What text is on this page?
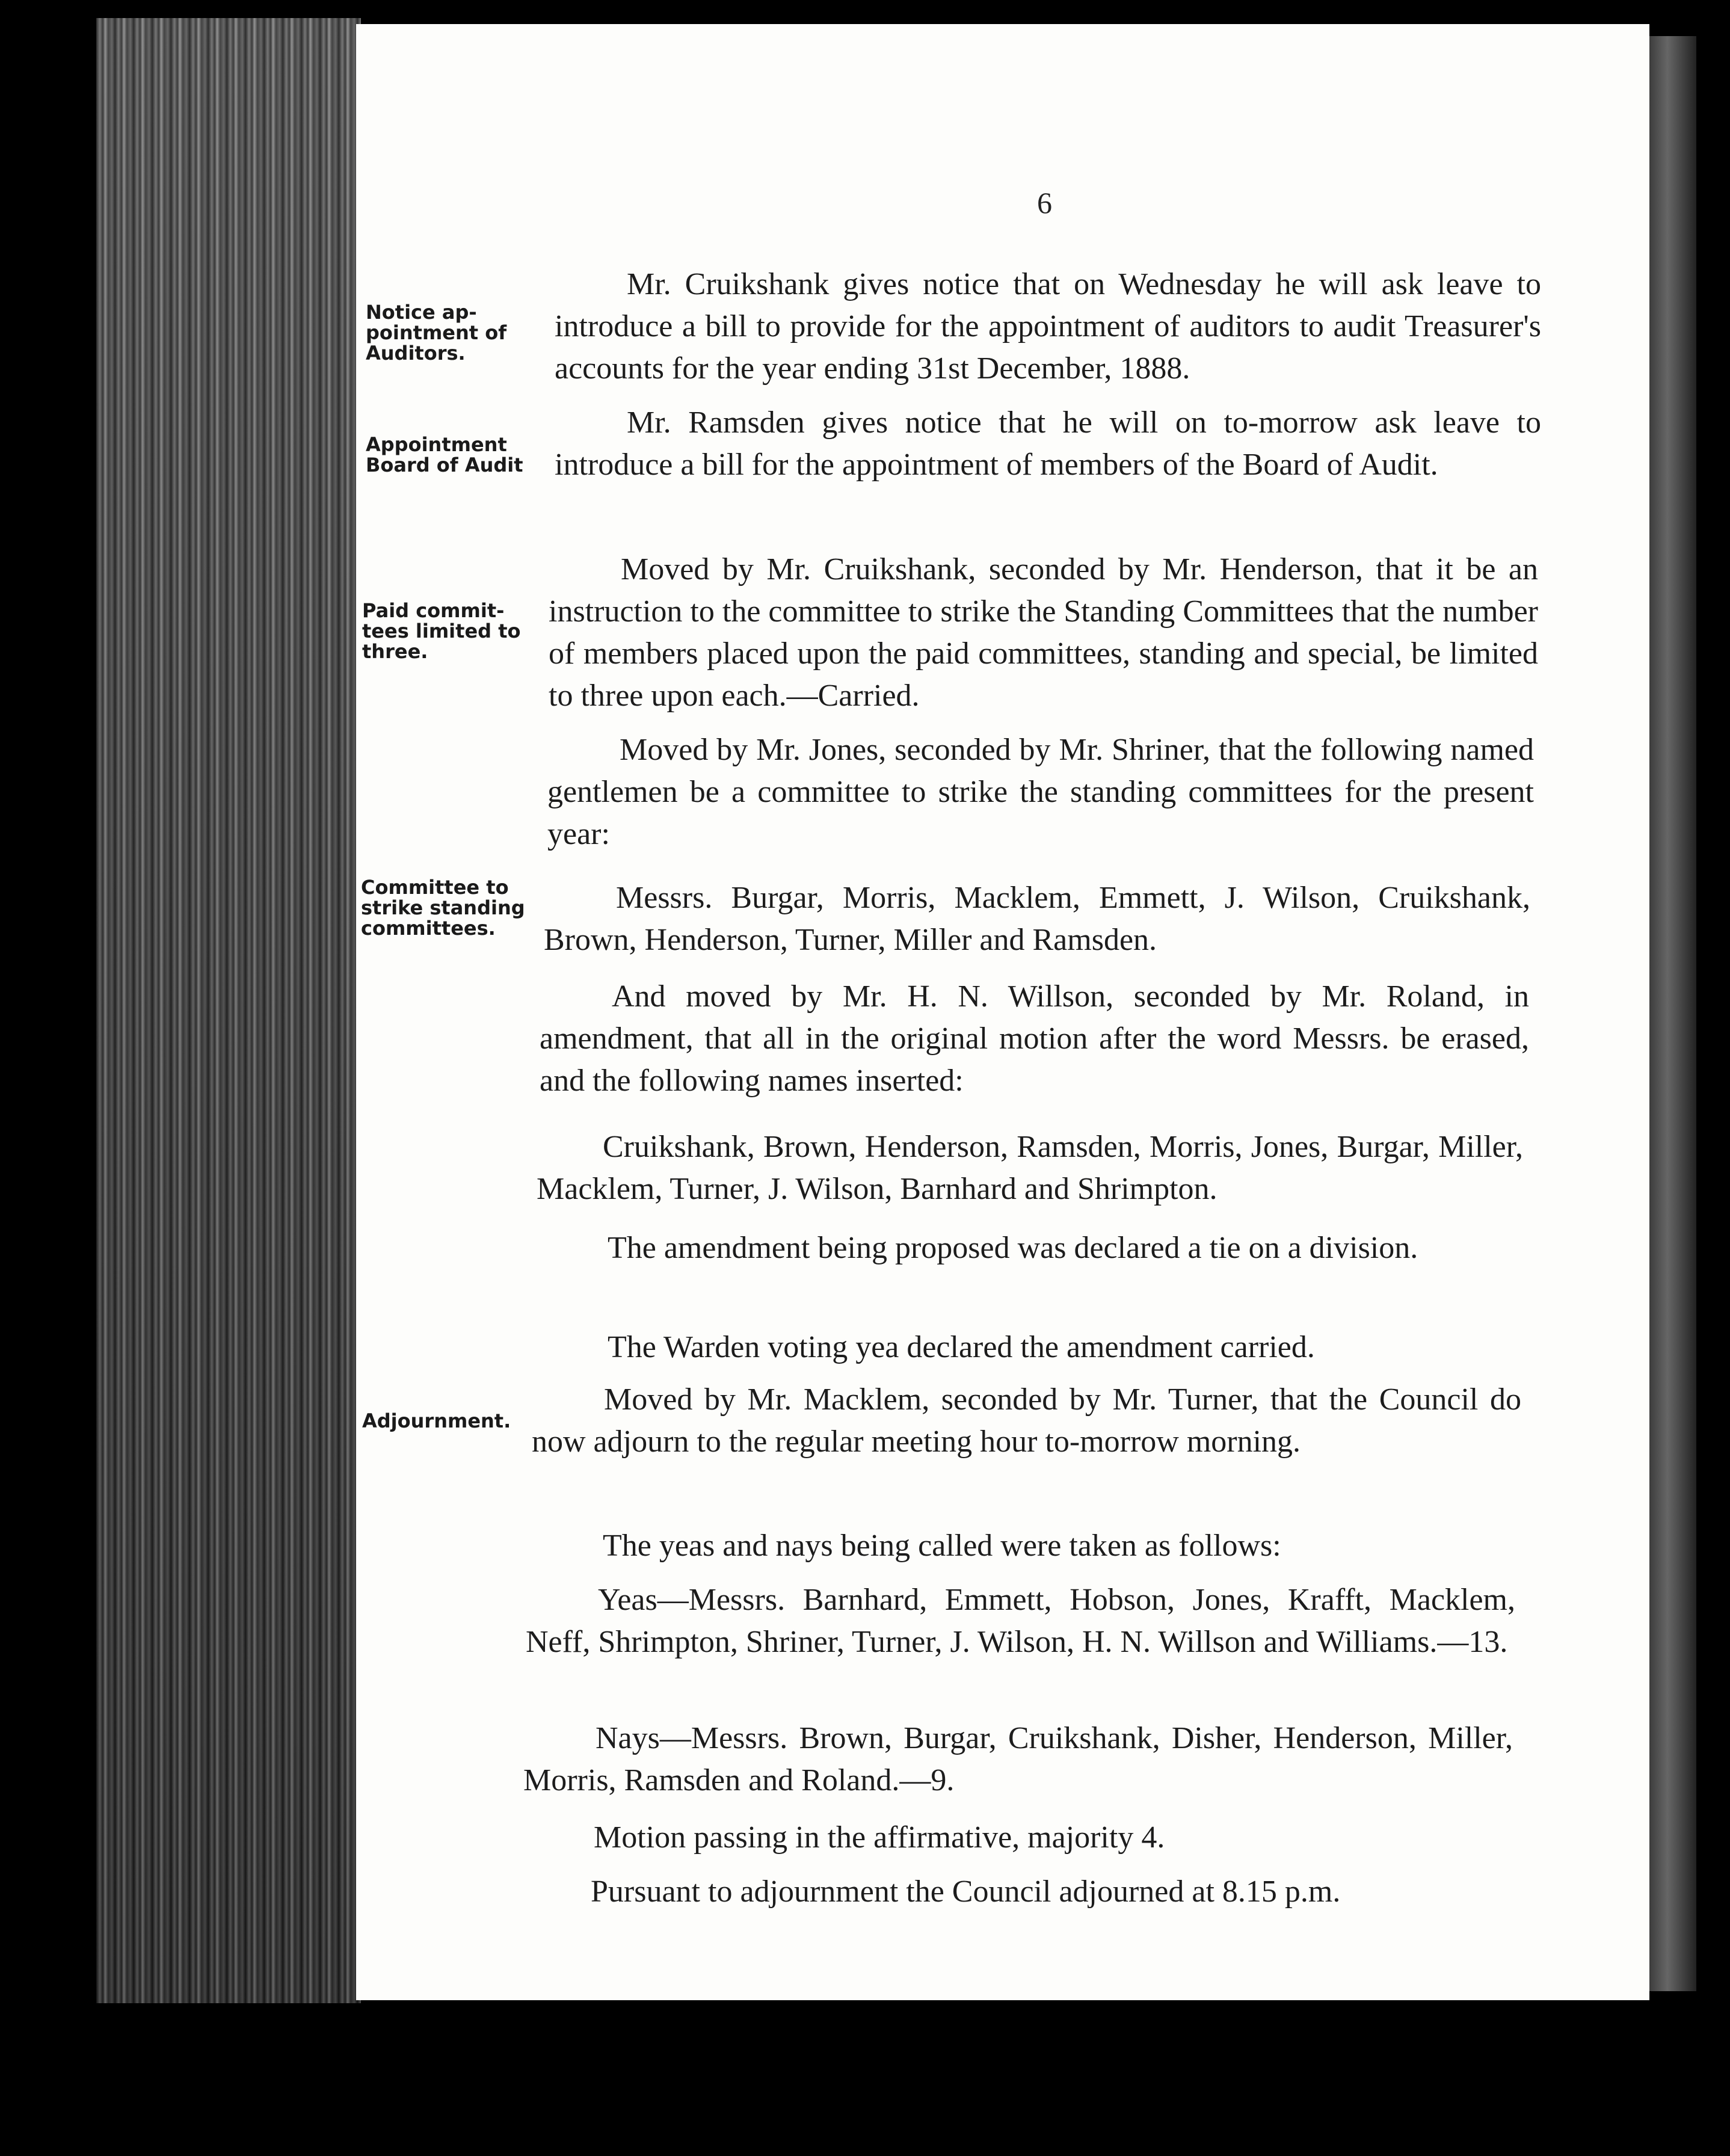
6
Notice ap-
pointment of
Auditors.
Appointment
Board of Audit
Paid commit-
tees limited to
three.
Committee to
strike standing
committees.
Adjournment.
Mr. Cruikshank gives notice that on Wednesday he will ask leave to introduce a bill to provide for the appointment of auditors to audit Treasurer's accounts for the year ending 31st December, 1888.
Mr. Ramsden gives notice that he will on to-morrow ask leave to introduce a bill for the appointment of members of the Board of Audit.
Moved by Mr. Cruikshank, seconded by Mr. Henderson, that it be an instruction to the committee to strike the Standing Committees that the number of members placed upon the paid committees, standing and special, be limited to three upon each.—Carried.
Moved by Mr. Jones, seconded by Mr. Shriner, that the following named gentlemen be a committee to strike the standing committees for the present year:
Messrs. Burgar, Morris, Macklem, Emmett, J. Wilson, Cruikshank, Brown, Henderson, Turner, Miller and Ramsden.
And moved by Mr. H. N. Willson, seconded by Mr. Roland, in amendment, that all in the original motion after the word Messrs. be erased, and the following names inserted:
Cruikshank, Brown, Henderson, Ramsden, Morris, Jones, Burgar, Miller, Macklem, Turner, J. Wilson, Barnhard and Shrimpton.
The amendment being proposed was declared a tie on a division.
The Warden voting yea declared the amendment carried.
Moved by Mr. Macklem, seconded by Mr. Turner, that the Council do now adjourn to the regular meeting hour to-morrow morning.
The yeas and nays being called were taken as follows:
Yeas—Messrs. Barnhard, Emmett, Hobson, Jones, Krafft, Macklem, Neff, Shrimpton, Shriner, Turner, J. Wilson, H. N. Willson and Williams.—13.
Nays—Messrs. Brown, Burgar, Cruikshank, Disher, Henderson, Miller, Morris, Ramsden and Roland.—9.
Motion passing in the affirmative, majority 4.
Pursuant to adjournment the Council adjourned at 8.15 p.m.
